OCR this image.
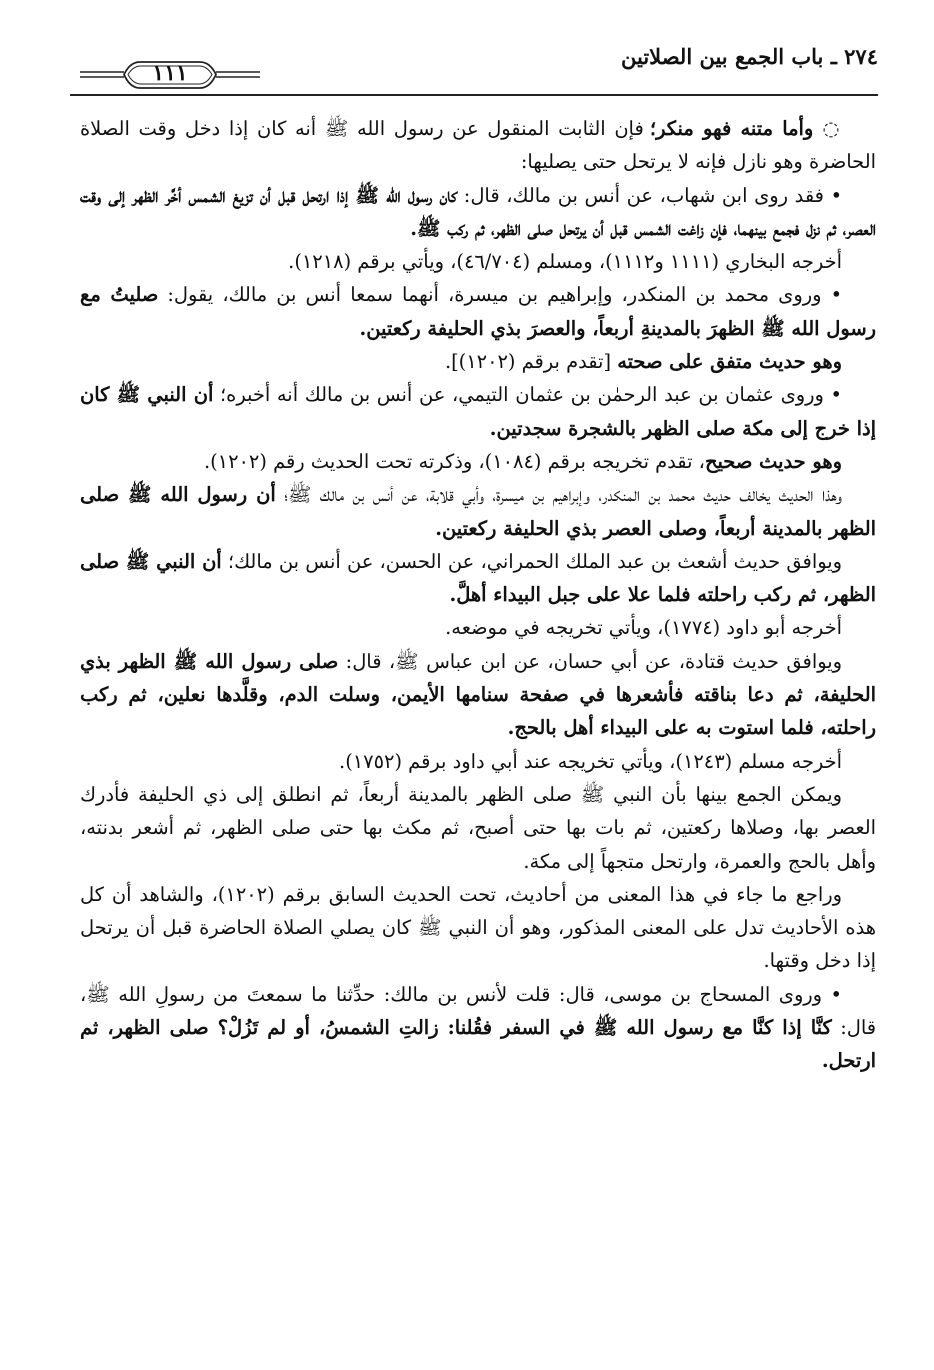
٢٧٤ ـ باب الجمع بين الصلاتين
١١١

◌ وأما متنه فهو منكر؛ فإن الثابت المنقول عن رسول الله ﷺ أنه كان إذا دخل وقت الصلاة الحاضرة وهو نازل فإنه لا يرتحل حتى يصليها:

• فقد روى ابن شهاب، عن أنس بن مالك، قال: كان رسول الله ﷺ إذا ارتحل قبل أن تزيغ الشمس أخَّر الظهر إلى وقت العصر، ثم نزل فجمع بينهما، فإن زاغت الشمس قبل أن يرتحل صلى الظهر، ثم ركب ﷺ.

أخرجه البخاري (١١١١ و١١١٢)، ومسلم (٤٦/٧٠٤)، ويأتي برقم (١٢١٨).

• وروى محمد بن المنكدر، وإبراهيم بن ميسرة، أنهما سمعا أنس بن مالك، يقول: صليتُ مع رسول الله ﷺ الظهرَ بالمدينةِ أربعاً، والعصرَ بذي الحليفة ركعتين.

وهو حديث متفق على صحته [تقدم برقم (١٢٠٢)].

• وروى عثمان بن عبد الرحمٰن بن عثمان التيمي، عن أنس بن مالك أنه أخبره؛ أن النبي ﷺ كان إذا خرج إلى مكة صلى الظهر بالشجرة سجدتين.

وهو حديث صحيح، تقدم تخريجه برقم (١٠٨٤)، وذكرته تحت الحديث رقم (١٢٠٢).

وهذا الحديث يخالف حديث محمد بن المنكدر، وإبراهيم بن ميسرة، وأبي قلابة، عن أنس بن مالك ﷺ؛ أن رسول الله ﷺ صلى الظهر بالمدينة أربعاً، وصلى العصر بذي الحليفة ركعتين.

ويوافق حديث أشعث بن عبد الملك الحمراني، عن الحسن، عن أنس بن مالك؛ أن النبي ﷺ صلى الظهر، ثم ركب راحلته فلما علا على جبل البيداء أهلَّ.

أخرجه أبو داود (١٧٧٤)، ويأتي تخريجه في موضعه.

ويوافق حديث قتادة، عن أبي حسان، عن ابن عباس ﷺ، قال: صلى رسول الله ﷺ الظهر بذي الحليفة، ثم دعا بناقته فأشعرها في صفحة سنامها الأيمن، وسلت الدم، وقلَّدها نعلين، ثم ركب راحلته، فلما استوت به على البيداء أهل بالحج.

أخرجه مسلم (١٢٤٣)، ويأتي تخريجه عند أبي داود برقم (١٧٥٢).

ويمكن الجمع بينها بأن النبي ﷺ صلى الظهر بالمدينة أربعاً، ثم انطلق إلى ذي الحليفة فأدرك العصر بها، وصلاها ركعتين، ثم بات بها حتى أصبح، ثم مكث بها حتى صلى الظهر، ثم أشعر بدنته، وأهل بالحج والعمرة، وارتحل متجهاً إلى مكة.

وراجع ما جاء في هذا المعنى من أحاديث، تحت الحديث السابق برقم (١٢٠٢)، والشاهد أن كل هذه الأحاديث تدل على المعنى المذكور، وهو أن النبي ﷺ كان يصلي الصلاة الحاضرة قبل أن يرتحل إذا دخل وقتها.

• وروى المسحاج بن موسى، قال: قلت لأنس بن مالك: حدِّثنا ما سمعتَ من رسولِ الله ﷺ، قال: كنَّا إذا كنَّا مع رسول الله ﷺ في السفر فقُلنا: زالتِ الشمسُ، أو لم تَزُلْ؟ صلى الظهر، ثم ارتحل.
